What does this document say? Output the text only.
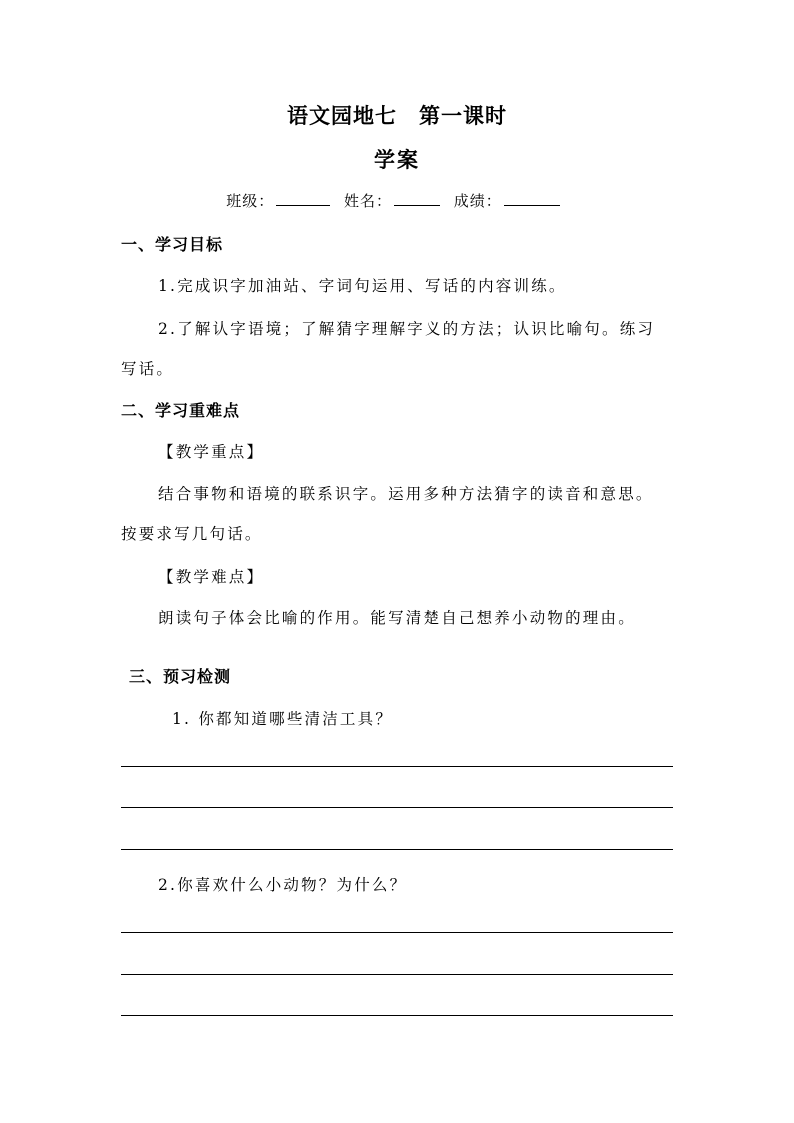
语文园地七　第一课时
学案
班级：	姓名：	成绩：
一、学习目标
1.完成识字加油站、字词句运用、写话的内容训练。
2.了解认字语境；了解猜字理解字义的方法；认识比喻句。练习
写话。
二、学习重难点
【教学重点】
结合事物和语境的联系识字。运用多种方法猜字的读音和意思。
按要求写几句话。
【教学难点】
朗读句子体会比喻的作用。能写清楚自己想养小动物的理由。
三、预习检测
1. 你都知道哪些清洁工具？
2.你喜欢什么小动物？为什么？
